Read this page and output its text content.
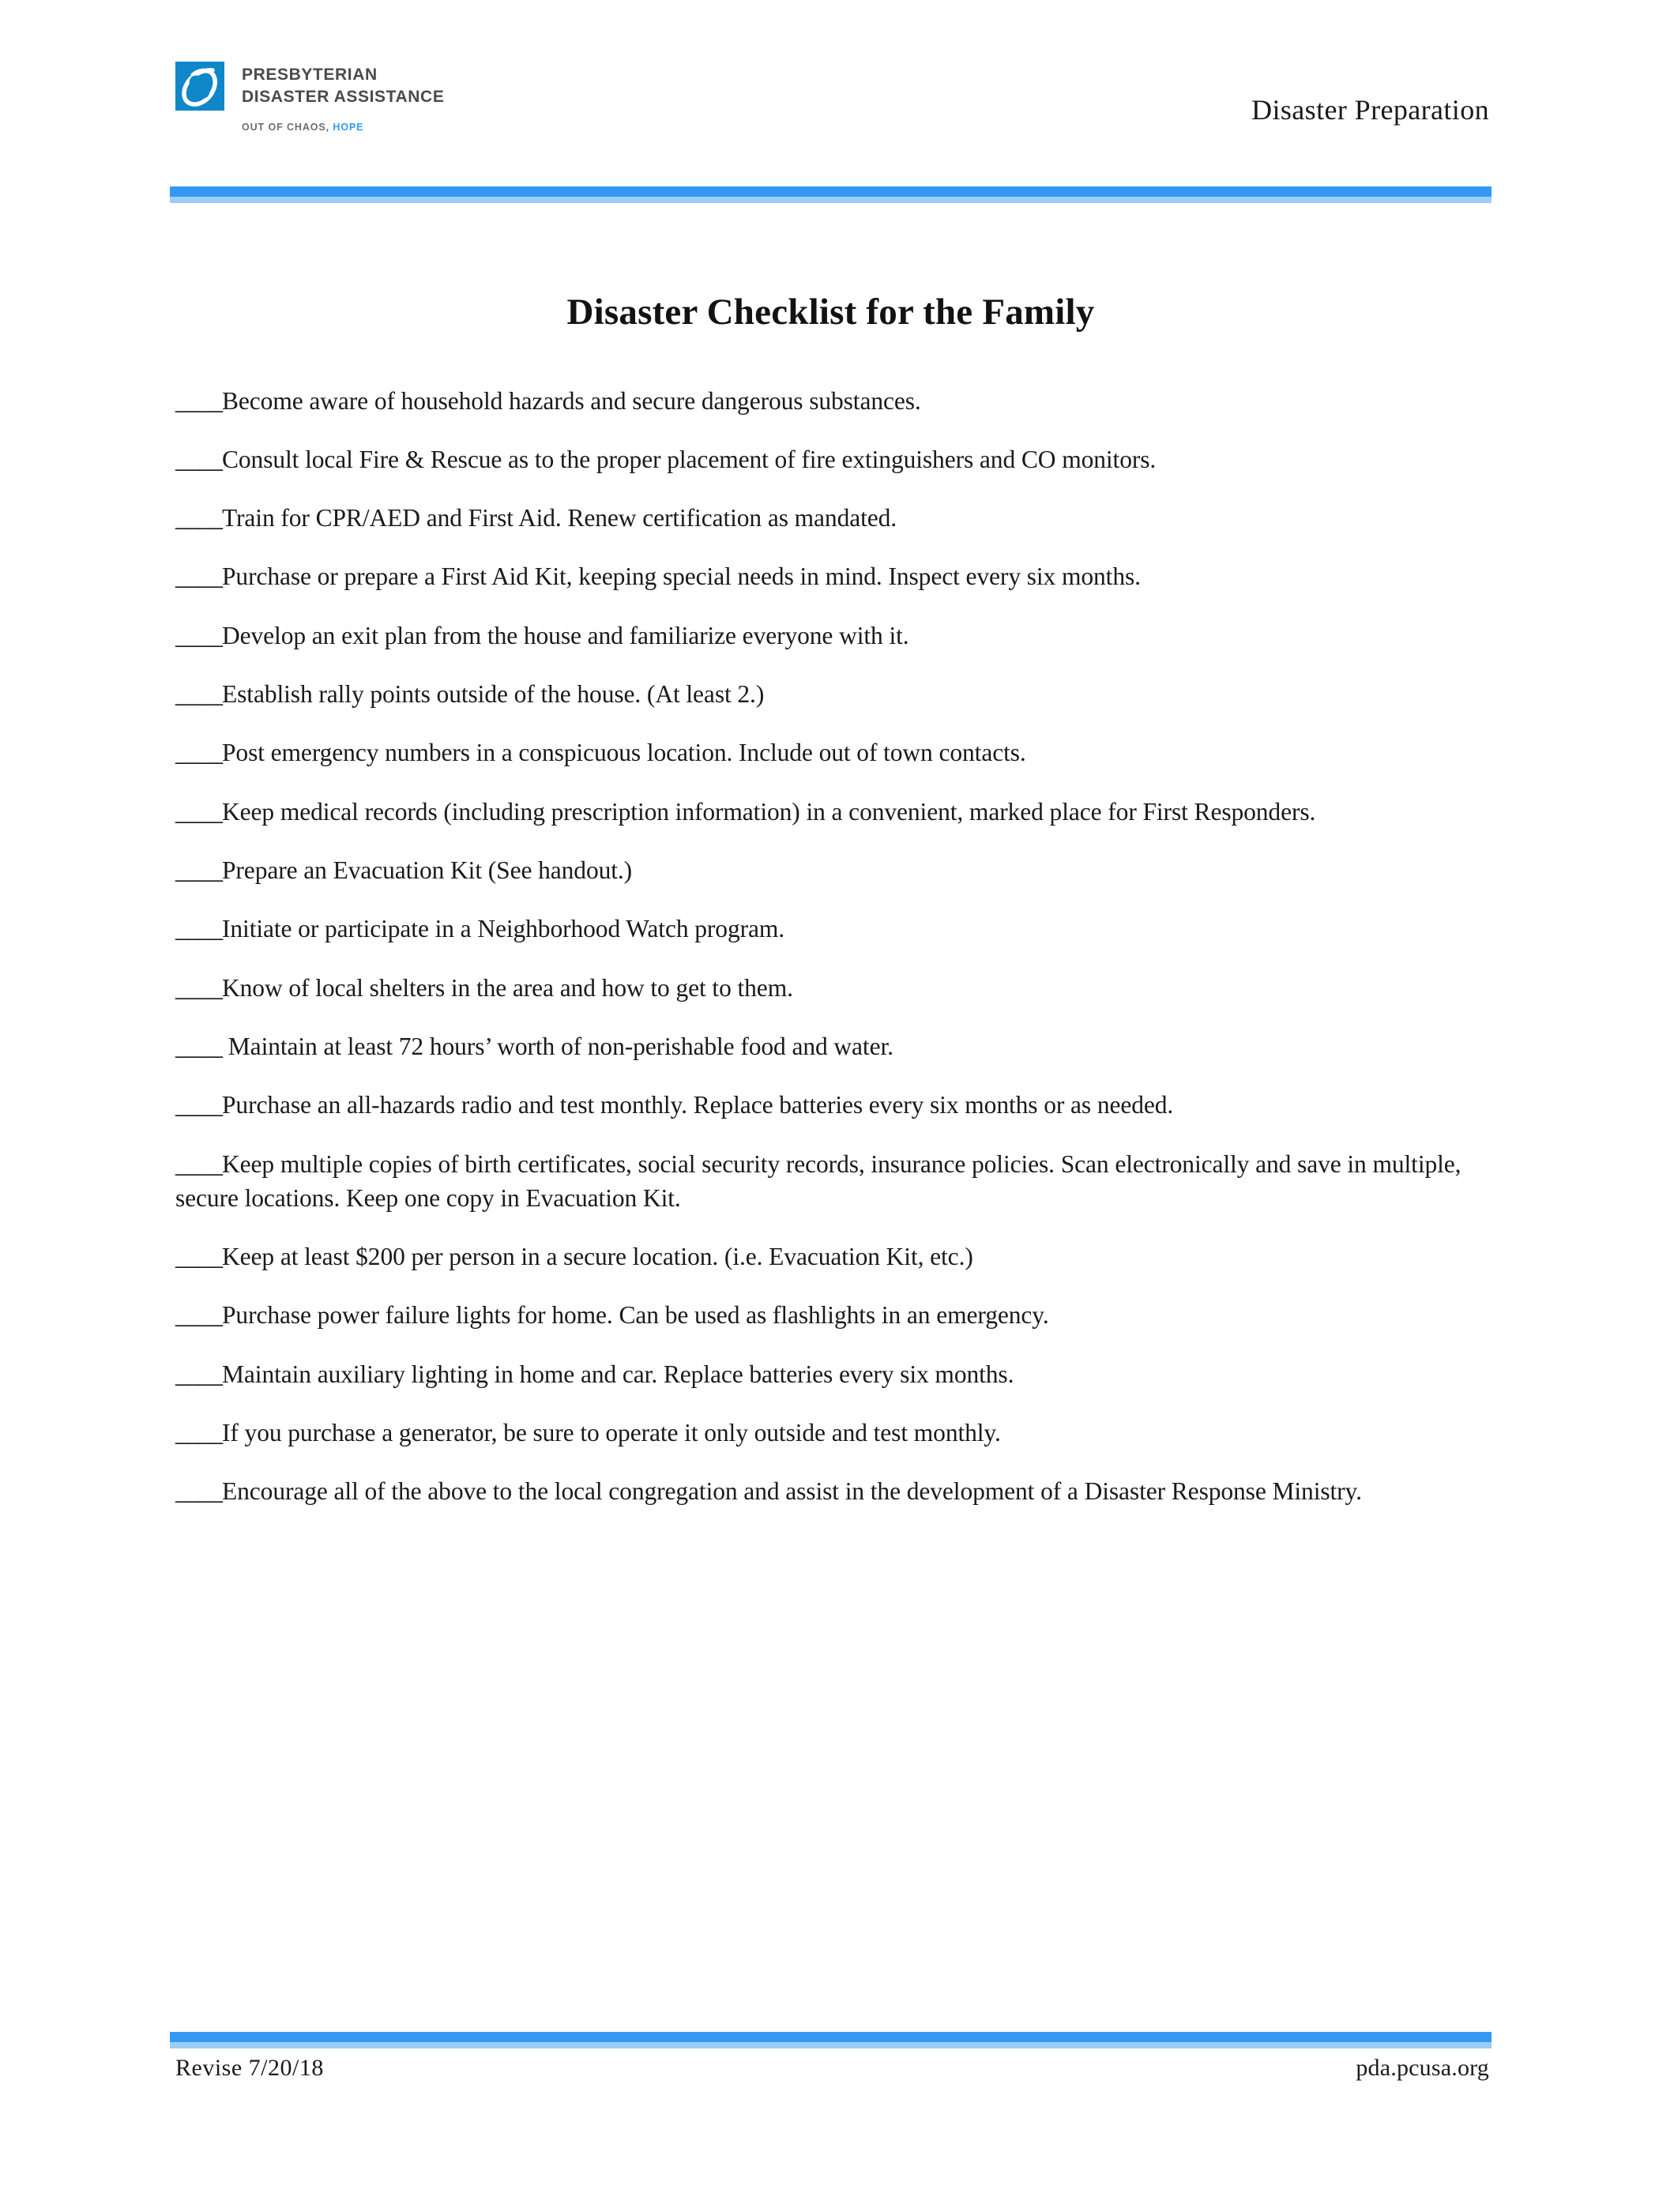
PRESBYTERIAN
DISASTER ASSISTANCE
OUT OF CHAOS, HOPE
Disaster Preparation
Disaster Checklist for the Family

____Become aware of household hazards and secure dangerous substances.

____Consult local Fire & Rescue as to the proper placement of fire extinguishers and CO monitors.

____Train for CPR/AED and First Aid. Renew certification as mandated.

____Purchase or prepare a First Aid Kit, keeping special needs in mind. Inspect every six months.

____Develop an exit plan from the house and familiarize everyone with it.

____Establish rally points outside of the house. (At least 2.)

____Post emergency numbers in a conspicuous location. Include out of town contacts.

____Keep medical records (including prescription information) in a convenient, marked place for First Responders.

____Prepare an Evacuation Kit (See handout.)

____Initiate or participate in a Neighborhood Watch program.

____Know of local shelters in the area and how to get to them.

____ Maintain at least 72 hours’ worth of non-perishable food and water.

____Purchase an all-hazards radio and test monthly. Replace batteries every six months or as needed.

____Keep multiple copies of birth certificates, social security records, insurance policies. Scan electronically and save in multiple, secure locations. Keep one copy in Evacuation Kit.

____Keep at least $200 per person in a secure location. (i.e. Evacuation Kit, etc.)

____Purchase power failure lights for home. Can be used as flashlights in an emergency.

____Maintain auxiliary lighting in home and car. Replace batteries every six months.

____If you purchase a generator, be sure to operate it only outside and test monthly.

____Encourage all of the above to the local congregation and assist in the development of a Disaster Response Ministry.

Revise 7/20/18	pda.pcusa.org
